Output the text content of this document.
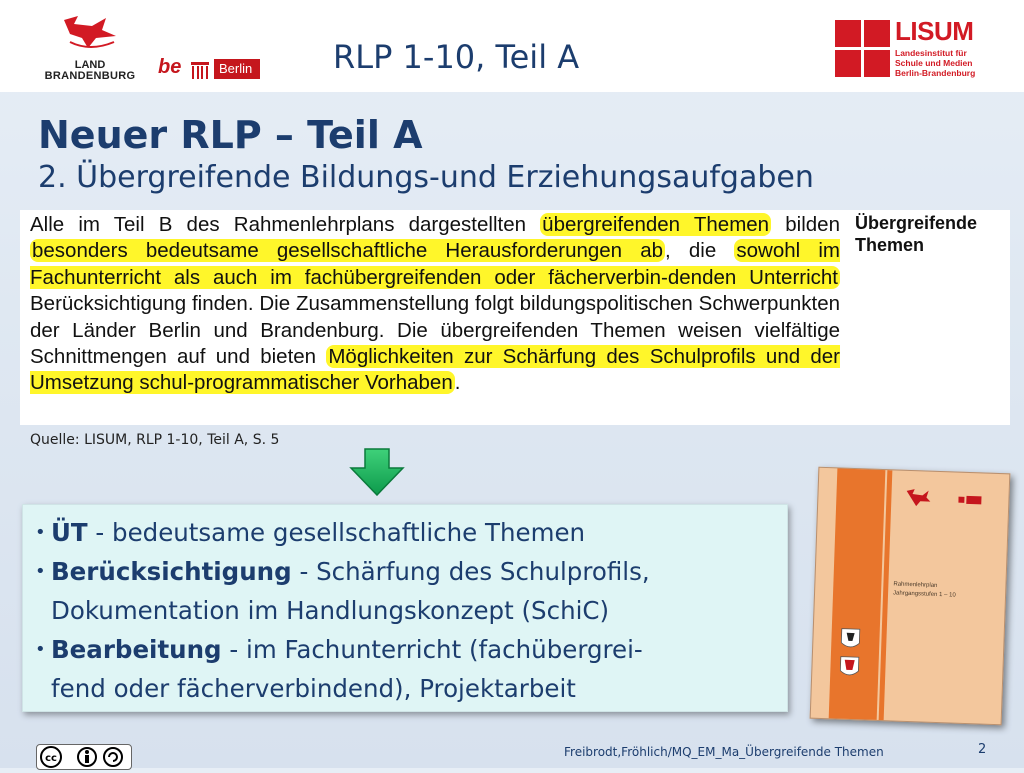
LAND
BRANDENBURG be	Berlin	RLP 1-10, Teil A
LISUM
Landesinstitut für
Schule und Medien
Berlin-Brandenburg
Neuer RLP – Teil A
2. Übergreifende Bildungs-und Erziehungsaufgaben
Alle im Teil B des Rahmenlehrplans dargestellten übergreifenden Themen bilden besonders bedeutsame gesellschaftliche Herausforderungen ab, die sowohl im Fachunterricht als auch im fachübergreifenden oder fächerverbin-denden Unterricht Berücksichtigung finden. Die Zusammenstellung folgt bildungspolitischen Schwerpunkten der Länder Berlin und Brandenburg. Die übergreifenden Themen weisen vielfältige Schnittmengen auf und bieten Möglichkeiten zur Schärfung des Schulprofils und der Umsetzung schul-programmatischer Vorhaben.
Übergreifende Themen
Quelle: LISUM, RLP 1-10, Teil A, S. 5
• ÜT - bedeutsame gesellschaftliche Themen
• Berücksichtigung - Schärfung des Schulprofils,
Dokumentation im Handlungskonzept (SchiC)
• Bearbeitung - im Fachunterricht (fachübergrei-
fend oder fächerverbindend), Projektarbeit
Rahmenlehrplan
Jahrgangsstufen 1 – 10
cc	Freibrodt,Fröhlich/MQ_EM_Ma_Übergreifende Themen	2
